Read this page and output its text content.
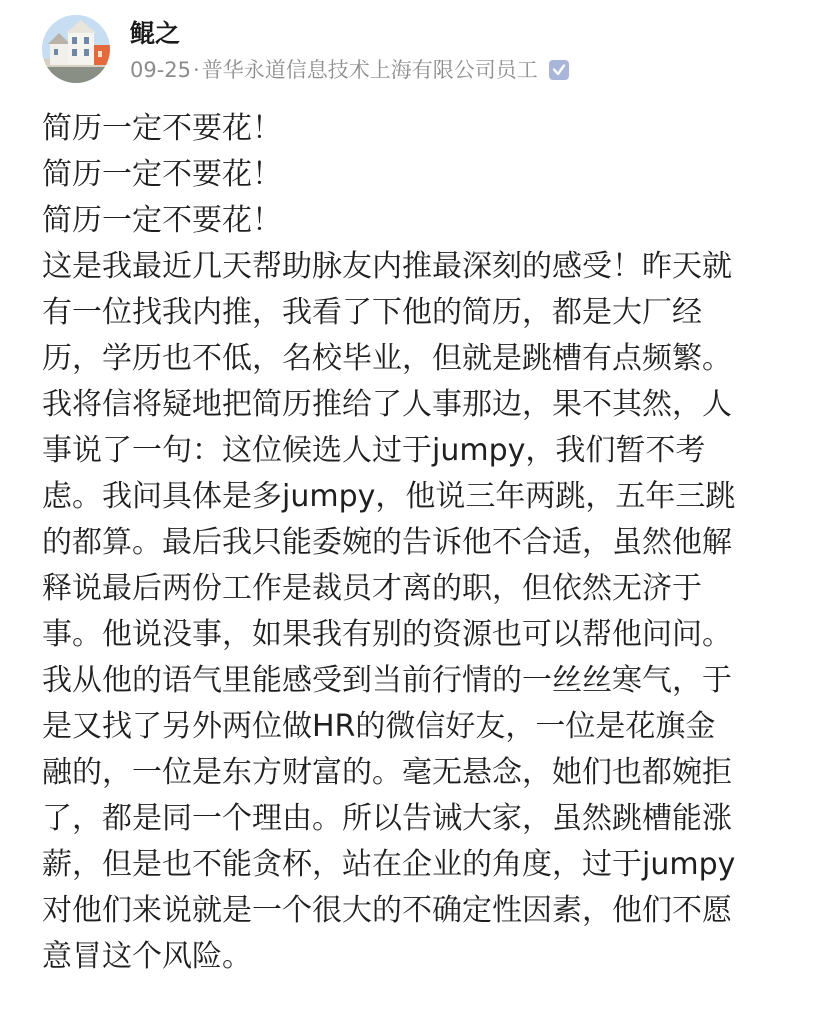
鲲之
09-25 · 普华永道信息技术上海有限公司员工
简历一定不要花！
简历一定不要花！
简历一定不要花！
这是我最近几天帮助脉友内推最深刻的感受！昨天就
有一位找我内推，我看了下他的简历，都是大厂经
历，学历也不低，名校毕业，但就是跳槽有点频繁。
我将信将疑地把简历推给了人事那边，果不其然，人
事说了一句：这位候选人过于jumpy，我们暂不考
虑。我问具体是多jumpy，他说三年两跳，五年三跳
的都算。最后我只能委婉的告诉他不合适，虽然他解
释说最后两份工作是裁员才离的职，但依然无济于
事。他说没事，如果我有别的资源也可以帮他问问。
我从他的语气里能感受到当前行情的一丝丝寒气，于
是又找了另外两位做HR的微信好友，一位是花旗金
融的，一位是东方财富的。毫无悬念，她们也都婉拒
了，都是同一个理由。所以告诫大家，虽然跳槽能涨
薪，但是也不能贪杯，站在企业的角度，过于jumpy
对他们来说就是一个很大的不确定性因素，他们不愿
意冒这个风险。
